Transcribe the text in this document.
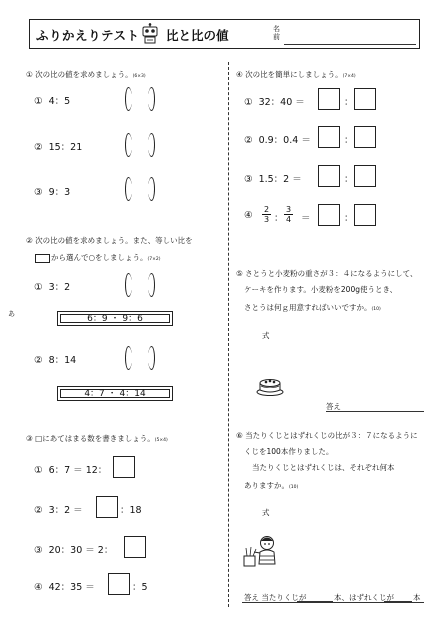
ふりかえりテスト 比と比の値	名前
あ
① 次の比の値を求めましょう。(6×3)
① 4：5
② 15：21
③ 9：3
② 次の比の値を求めましょう。また、等しい比を
から選んで○をしましょう。(7×2)
① 3：2
6：9 ・ 9：6
② 8：14
4：7 ・ 4：14
③ □にあてはまる数を書きましょう。(5×4)
① 6：7 ＝ 12：
② 3：2 ＝	：18
③ 20：30 ＝ 2：
④ 42：35 ＝	：5
④ 次の比を簡単にしましょう。(7×4)
① 32：40 ＝	：
② 0.9：0.4 ＝	：
③ 1.5：2 ＝	：
④ $\frac{2}{3}$ ： $\frac{3}{4}$ ＝	：
⑤ さとうと小麦粉の重さが３：４になるようにして、
ケーキを作ります。小麦粉を200g使うとき、
さとうは何ｇ用意すればいいですか。(10)
式
答え
⑥ 当たりくじとはずれくじの比が３：７になるように
くじを100本作りました。
当たりくじとはずれくじは、それぞれ何本
ありますか。(10)
式
答え 当たりくじが	本、はずれくじが	本
